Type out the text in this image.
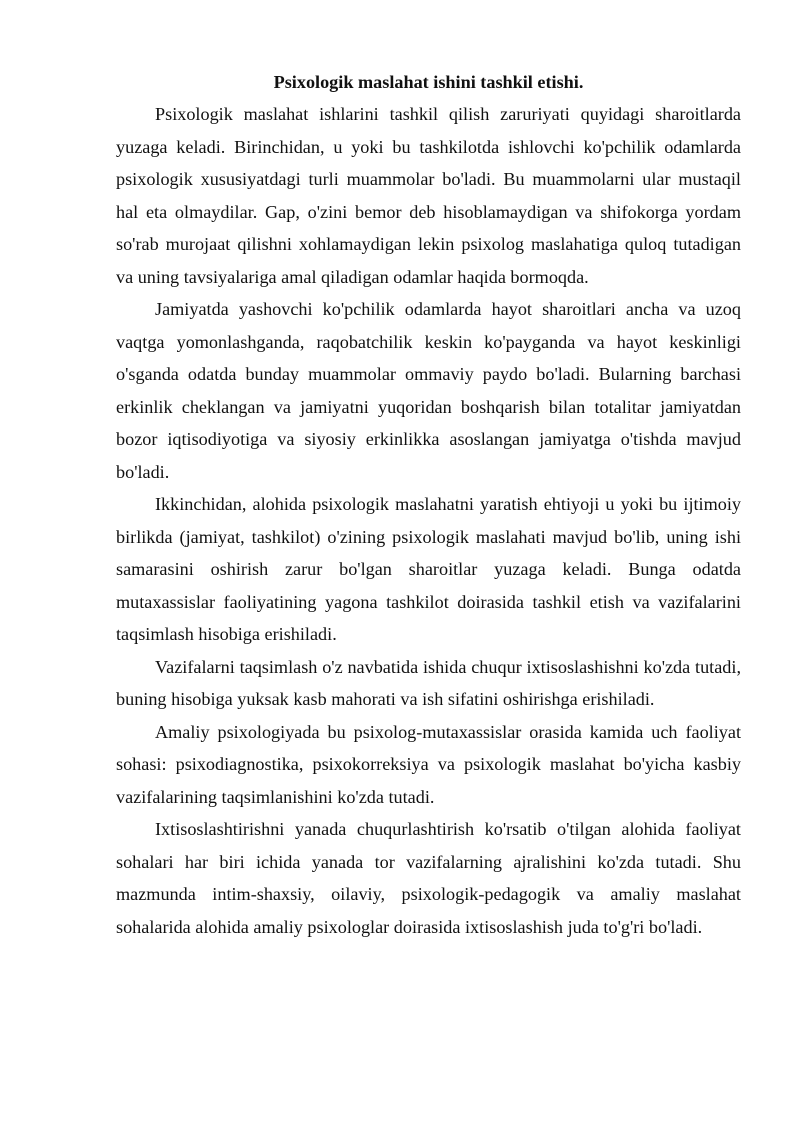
Psixologik maslahat ishini tashkil etishi.

Psixologik maslahat ishlarini tashkil qilish zaruriyati quyidagi sharoitlarda yuzaga keladi. Birinchidan, u yoki bu tashkilotda ishlovchi ko'pchilik odamlarda psixologik xususiyatdagi turli muammolar bo'ladi. Bu muammolarni ular mustaqil hal eta olmaydilar. Gap, o'zini bemor deb hisoblamaydigan va shifokorga yordam so'rab murojaat qilishni xohlamaydigan lekin psixolog maslahatiga quloq tutadigan va uning tavsiyalariga amal qiladigan odamlar haqida bormoqda.

Jamiyatda yashovchi ko'pchilik odamlarda hayot sharoitlari ancha va uzoq vaqtga yomonlashganda, raqobatchilik keskin ko'payganda va hayot keskinligi o'sganda odatda bunday muammolar ommaviy paydo bo'ladi. Bularning barchasi erkinlik cheklangan va jamiyatni yuqoridan boshqarish bilan totalitar jamiyatdan bozor iqtisodiyotiga va siyosiy erkinlikka asoslangan jamiyatga o'tishda mavjud bo'ladi.

Ikkinchidan, alohida psixologik maslahatni yaratish ehtiyoji u yoki bu ijtimoiy birlikda (jamiyat, tashkilot) o'zining psixologik maslahati mavjud bo'lib, uning ishi samarasini oshirish zarur bo'lgan sharoitlar yuzaga keladi. Bunga odatda mutaxassislar faoliyatining yagona tashkilot doirasida tashkil etish va vazifalarini taqsimlash hisobiga erishiladi.

Vazifalarni taqsimlash o'z navbatida ishida chuqur ixtisoslashishni ko'zda tutadi, buning hisobiga yuksak kasb mahorati va ish sifatini oshirishga erishiladi.

Amaliy psixologiyada bu psixolog-mutaxassislar orasida kamida uch faoliyat sohasi: psixodiagnostika, psixokorreksiya va psixologik maslahat bo'yicha kasbiy vazifalarining taqsimlanishini ko'zda tutadi.

Ixtisoslashtirishni yanada chuqurlashtirish ko'rsatib o'tilgan alohida faoliyat sohalari har biri ichida yanada tor vazifalarning ajralishini ko'zda tutadi. Shu mazmunda intim-shaxsiy, oilaviy, psixologik-pedagogik va amaliy maslahat sohalarida alohida amaliy psixologlar doirasida ixtisoslashish juda to'g'ri bo'ladi.
